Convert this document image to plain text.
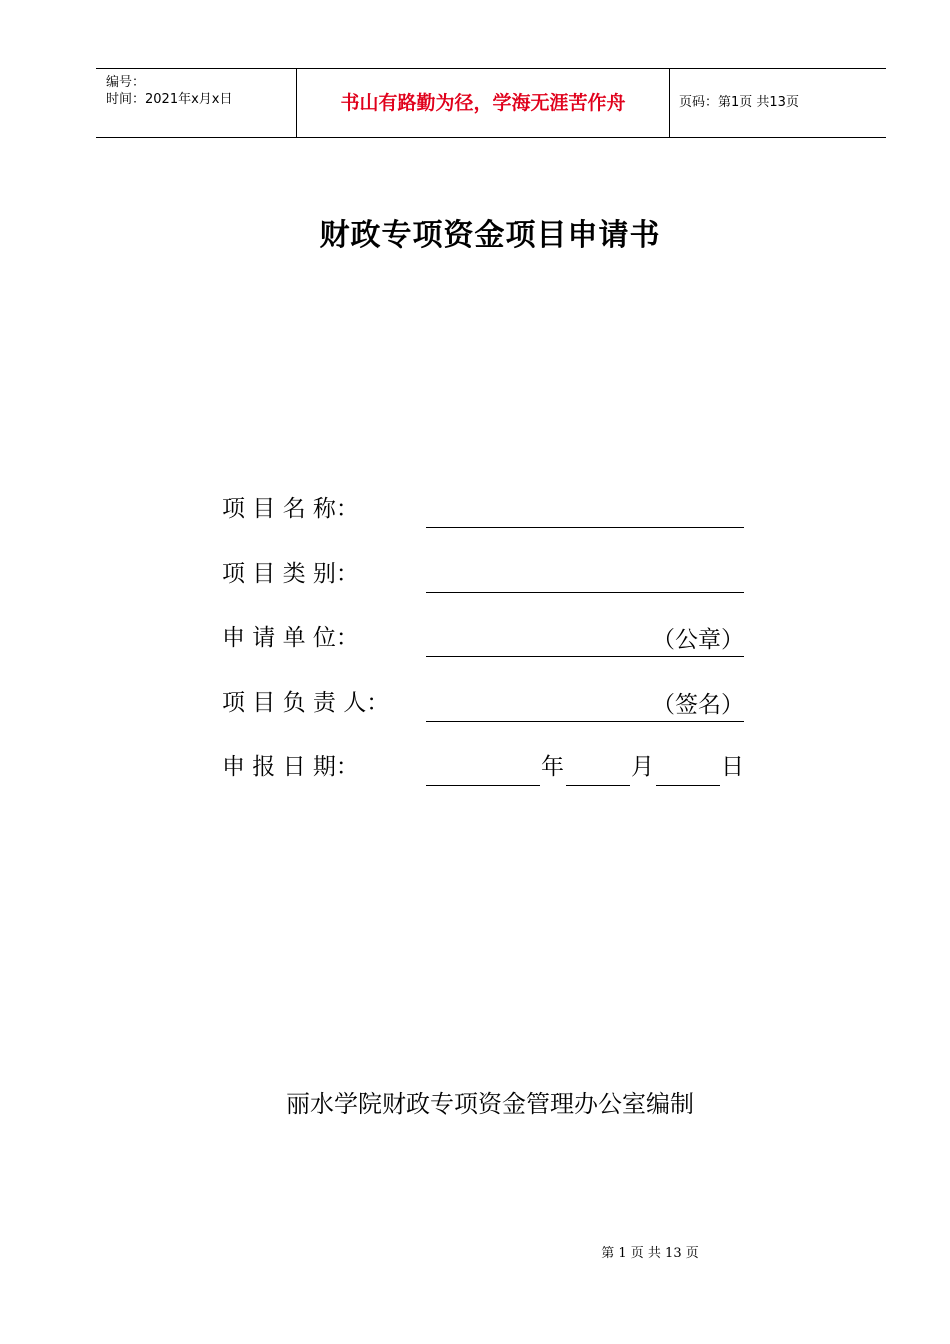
编号：
时间：2021年x月x日	书山有路勤为径，学海无涯苦作舟	页码：第1页 共13页
财政专项资金项目申请书
项 目 名 称：
项 目 类 别：
申 请 单 位：	（公章）
项 目 负 责 人：	（签名）
申 报 日 期：	年	月	日
丽水学院财政专项资金管理办公室编制
第 1 页 共 13 页
